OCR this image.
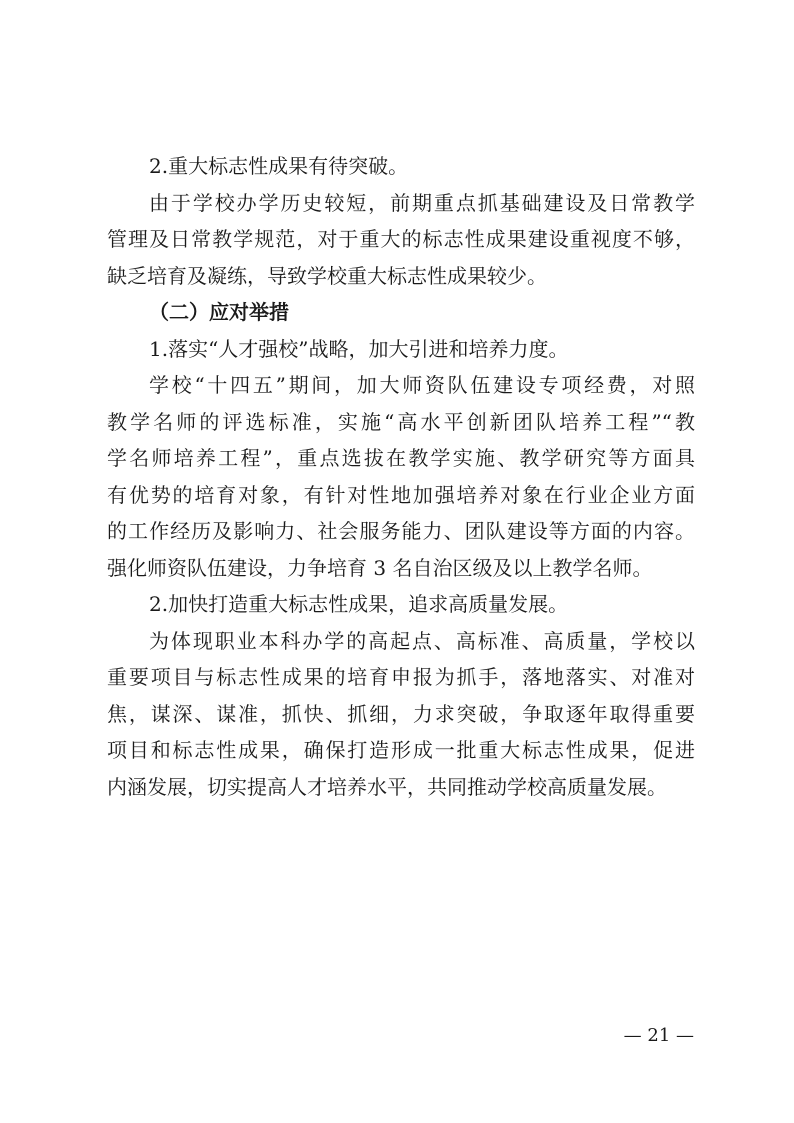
2.重大标志性成果有待突破。
由于学校办学历史较短，前期重点抓基础建设及日常教学
管理及日常教学规范，对于重大的标志性成果建设重视度不够，
缺乏培育及凝练，导致学校重大标志性成果较少。
（二）应对举措
1.落实“人才强校”战略，加大引进和培养力度。
学校“十四五”期间，加大师资队伍建设专项经费，对照
教学名师的评选标准，实施“高水平创新团队培养工程”“教
学名师培养工程”，重点选拔在教学实施、教学研究等方面具
有优势的培育对象，有针对性地加强培养对象在行业企业方面
的工作经历及影响力、社会服务能力、团队建设等方面的内容。
强化师资队伍建设，力争培育 3 名自治区级及以上教学名师。
2.加快打造重大标志性成果，追求高质量发展。
为体现职业本科办学的高起点、高标准、高质量，学校以
重要项目与标志性成果的培育申报为抓手，落地落实、对准对
焦，谋深、谋准，抓快、抓细，力求突破，争取逐年取得重要
项目和标志性成果，确保打造形成一批重大标志性成果，促进
内涵发展，切实提高人才培养水平，共同推动学校高质量发展。
— 21 —
